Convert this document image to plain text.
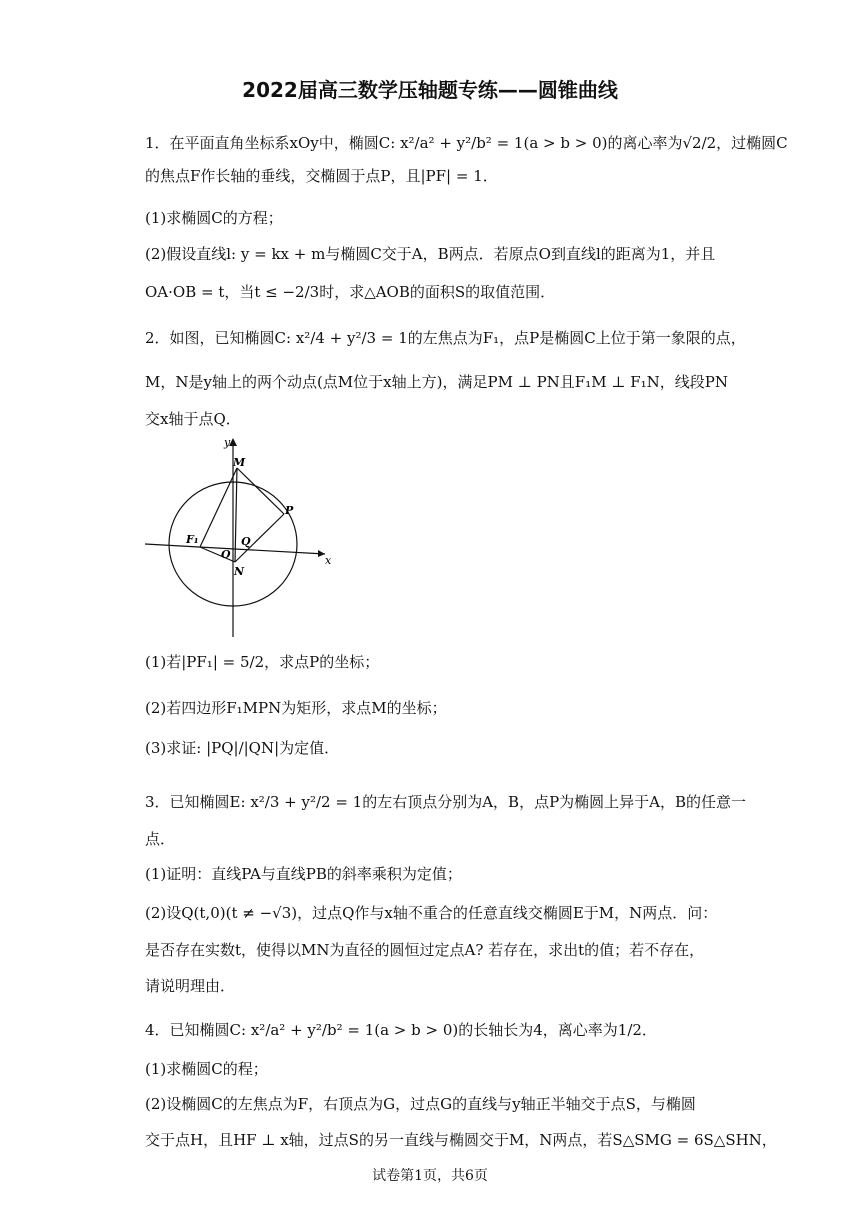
2022届高三数学压轴题专练——圆锥曲线
1．在平面直角坐标系xOy中，椭圆C: x²/a² + y²/b² = 1(a > b > 0)的离心率为√2/2，过椭圆C
的焦点F作长轴的垂线，交椭圆于点P，且|PF| = 1．
(1)求椭圆C的方程；
(2)假设直线l: y = kx + m与椭圆C交于A，B两点．若原点O到直线l的距离为1，并且
OA·OB = t，当t ≤ −2/3时，求△AOB的面积S的取值范围．
2．如图，已知椭圆C: x²/4 + y²/3 = 1的左焦点为F₁，点P是椭圆C上位于第一象限的点，
M，N是y轴上的两个动点(点M位于x轴上方)，满足PM ⊥ PN且F₁M ⊥ F₁N，线段PN
交x轴于点Q．
y
x
M
P
F₁	Q
O
N
(1)若|PF₁| = 5/2，求点P的坐标；
(2)若四边形F₁MPN为矩形，求点M的坐标；
(3)求证: |PQ|/|QN|为定值．
3．已知椭圆E: x²/3 + y²/2 = 1的左右顶点分别为A，B，点P为椭圆上异于A，B的任意一
点．
(1)证明：直线PA与直线PB的斜率乘积为定值；
(2)设Q(t,0)(t ≠ −√3)，过点Q作与x轴不重合的任意直线交椭圆E于M，N两点．问：
是否存在实数t，使得以MN为直径的圆恒过定点A? 若存在，求出t的值；若不存在，
请说明理由．
4．已知椭圆C: x²/a² + y²/b² = 1(a > b > 0)的长轴长为4，离心率为1/2．
(1)求椭圆C的程；
(2)设椭圆C的左焦点为F，右顶点为G，过点G的直线与y轴正半轴交于点S，与椭圆
交于点H，且HF ⊥ x轴，过点S的另一直线与椭圆交于M，N两点，若S△SMG = 6S△SHN，
试卷第1页，共6页
